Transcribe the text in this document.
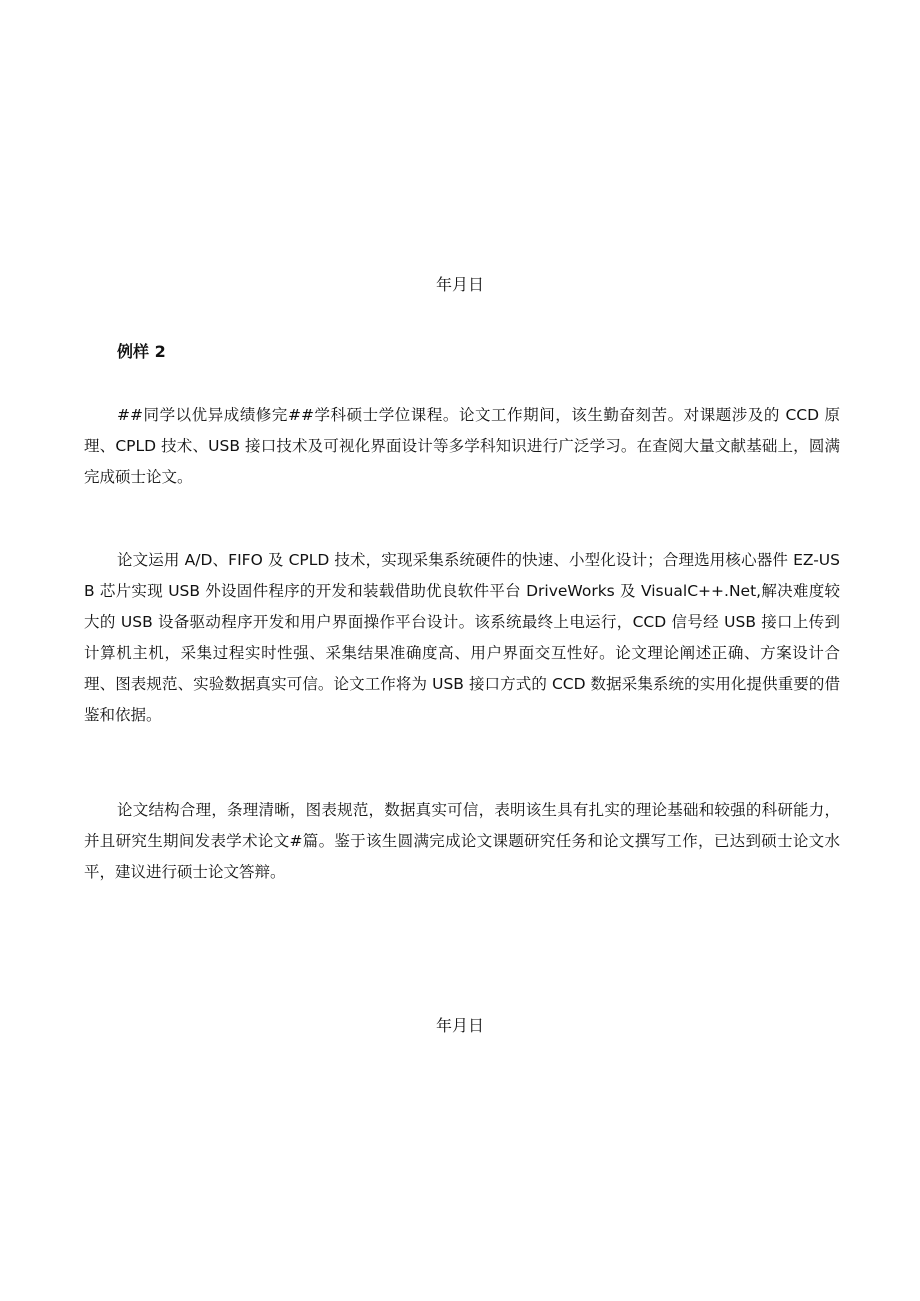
年月日
例样 2

##同学以优异成绩修完##学科硕士学位课程。论文工作期间，该生勤奋刻苦。对课题涉及的 CCD 原理、CPLD 技术、USB 接口技术及可视化界面设计等多学科知识进行广泛学习。在查阅大量文献基础上，圆满完成硕士论文。

论文运用 A/D、FIFO 及 CPLD 技术，实现采集系统硬件的快速、小型化设计；合理选用核心器件 EZ-USB 芯片实现 USB 外设固件程序的开发和装载借助优良软件平台 DriveWorks 及 VisualC++.Net,解决难度较大的 USB 设备驱动程序开发和用户界面操作平台设计。该系统最终上电运行，CCD 信号经 USB 接口上传到计算机主机，采集过程实时性强、采集结果准确度高、用户界面交互性好。论文理论阐述正确、方案设计合理、图表规范、实验数据真实可信。论文工作将为 USB 接口方式的 CCD 数据采集系统的实用化提供重要的借鉴和依据。

论文结构合理，条理清晰，图表规范，数据真实可信，表明该生具有扎实的理论基础和较强的科研能力，并且研究生期间发表学术论文#篇。鉴于该生圆满完成论文课题研究任务和论文撰写工作，已达到硕士论文水平，建议进行硕士论文答辩。

年月日
